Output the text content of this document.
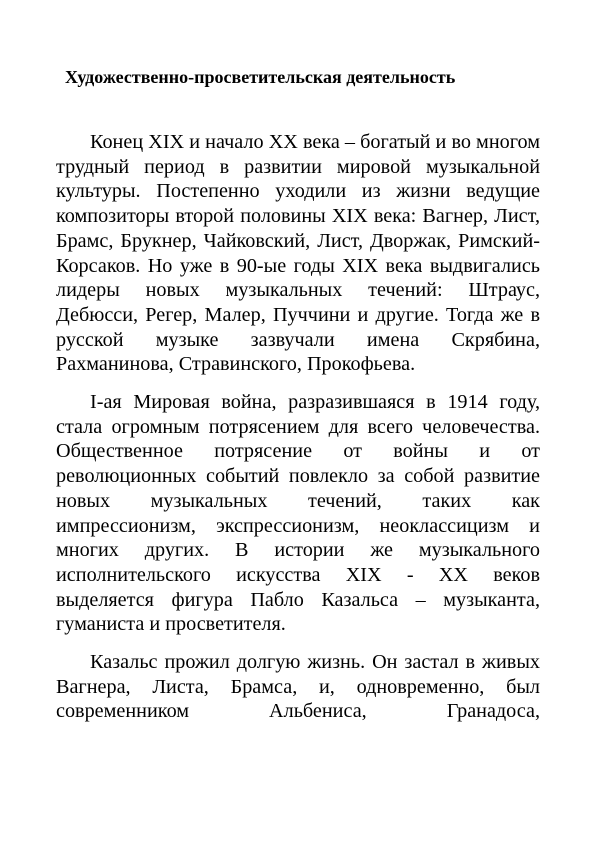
Художественно-просветительская деятельность

Конец XIX и начало XX века – богатый и во многом трудный период в развитии мировой музыкальной культуры. Постепенно уходили из жизни ведущие композиторы второй половины XIX века: Вагнер, Лист, Брамс, Брукнер, Чайковский, Лист, Дворжак, Римский-Корсаков. Но уже в 90-ые годы XIX века выдвигались лидеры новых музыкальных течений: Штраус, Дебюсси, Регер, Малер, Пуччини и другие. Тогда же в русской музыке зазвучали имена Скрябина, Рахманинова, Стравинского, Прокофьева.

I-ая Мировая война, разразившаяся в 1914 году, стала огромным потрясением для всего человечества. Общественное потрясение от войны и от революционных событий повлекло за собой развитие новых музыкальных течений, таких как импрессионизм, экспрессионизм, неоклассицизм и многих других. В истории же музыкального исполнительского искусства XIX - XX веков выделяется фигура Пабло Казальса – музыканта, гуманиста и просветителя.

Казальс прожил долгую жизнь. Он застал в живых Вагнера, Листа, Брамса, и, одновременно, был современником Альбениса, Гранадоса,
